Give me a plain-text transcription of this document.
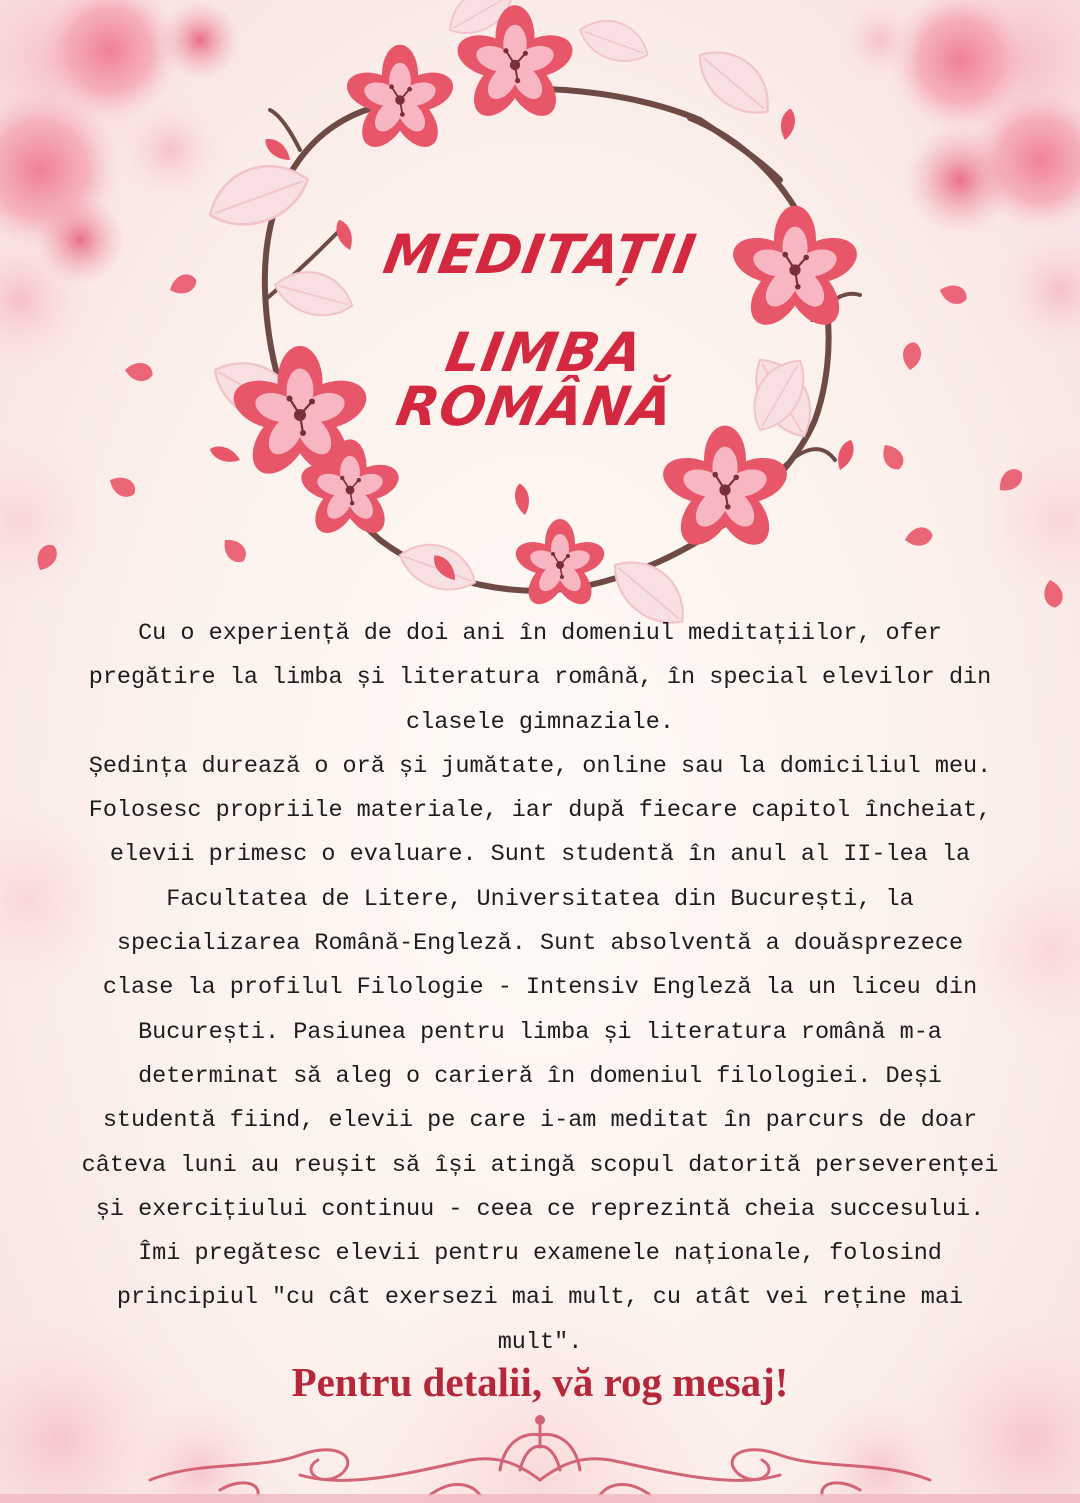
MEDITAȚII
LIMBA ROMÂNĂ

Cu o experiență de doi ani în domeniul meditațiilor, ofer pregătire la limba și literatura română, în special elevilor din clasele gimnaziale.

Ședința durează o oră și jumătate, online sau la domiciliul meu. Folosesc propriile materiale, iar după fiecare capitol încheiat, elevii primesc o evaluare. Sunt studentă în anul al II-lea la Facultatea de Litere, Universitatea din București, la specializarea Română-Engleză. Sunt absolventă a douăsprezece clase la profilul Filologie - Intensiv Engleză la un liceu din București. Pasiunea pentru limba și literatura română m-a determinat să aleg o carieră în domeniul filologiei. Deși studentă fiind, elevii pe care i-am meditat în parcurs de doar câteva luni au reușit să își atingă scopul datorită perseverenței și exercițiului continuu - ceea ce reprezintă cheia succesului. Îmi pregătesc elevii pentru examenele naționale, folosind principiul "cu cât exersezi mai mult, cu atât vei reține mai mult".

Pentru detalii, vă rog mesaj!
